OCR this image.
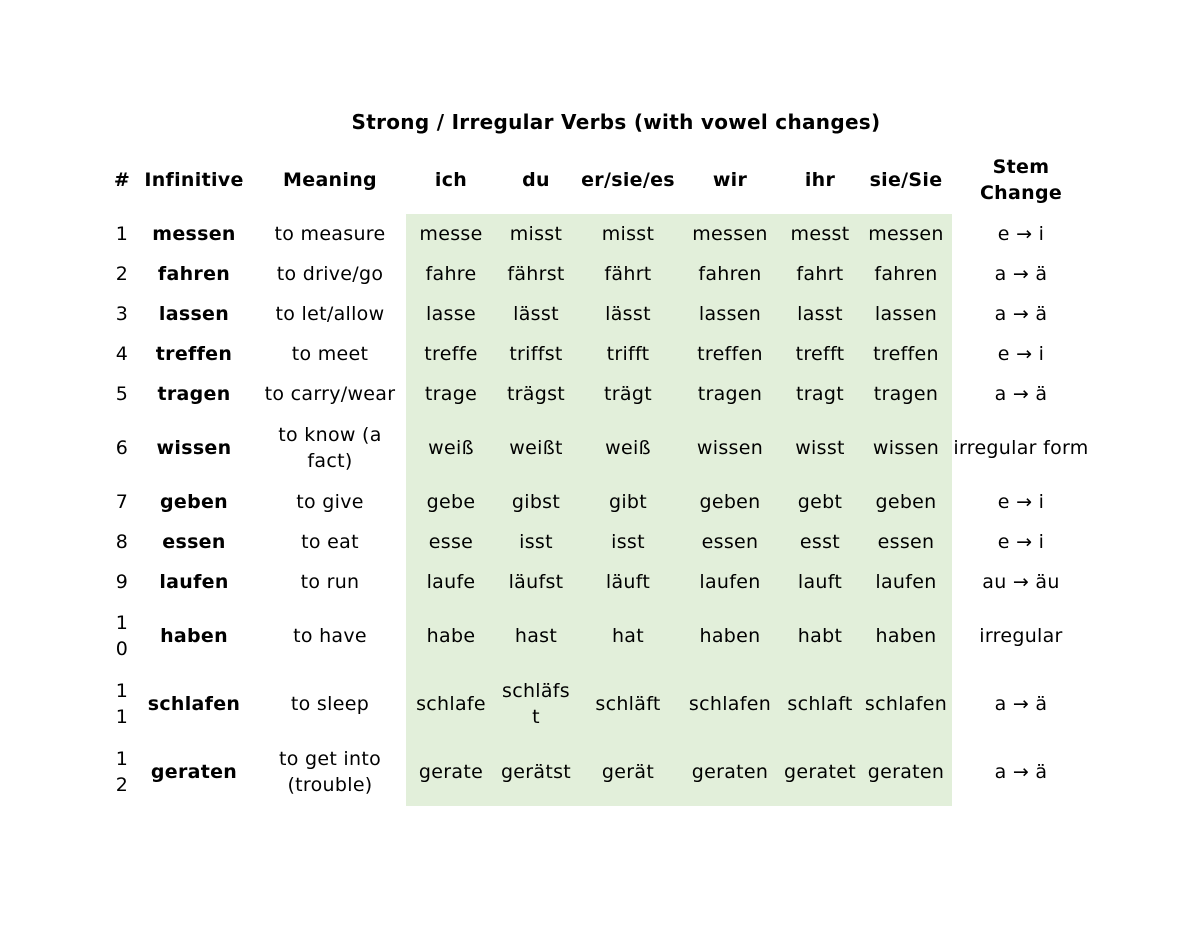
Strong / Irregular Verbs (with vowel changes)
#	Infinitive	Meaning	ich	du	er/sie/es	wir	ihr	sie/Sie	Stem Change
1	messen	to measure	messe	misst	misst	messen	messt	messen	e → i
2	fahren	to drive/go	fahre	fährst	fährt	fahren	fahrt	fahren	a → ä
3	lassen	to let/allow	lasse	lässt	lässt	lassen	lasst	lassen	a → ä
4	treffen	to meet	treffe	triffst	trifft	treffen	trefft	treffen	e → i
5	tragen	to carry/wear	trage	trägst	trägt	tragen	tragt	tragen	a → ä
6	wissen	to know (a fact)	weiß	weißt	weiß	wissen	wisst	wissen	irregular form
7	geben	to give	gebe	gibst	gibt	geben	gebt	geben	e → i
8	essen	to eat	esse	isst	isst	essen	esst	essen	e → i
9	laufen	to run	laufe	läufst	läuft	laufen	lauft	laufen	au → äu
10	haben	to have	habe	hast	hat	haben	habt	haben	irregular
11	schlafen	to sleep	schlafe	schläfst	schläft	schlafen	schlaft	schlafen	a → ä
12	geraten	to get into (trouble)	gerate	gerätst	gerät	geraten	geratet	geraten	a → ä
